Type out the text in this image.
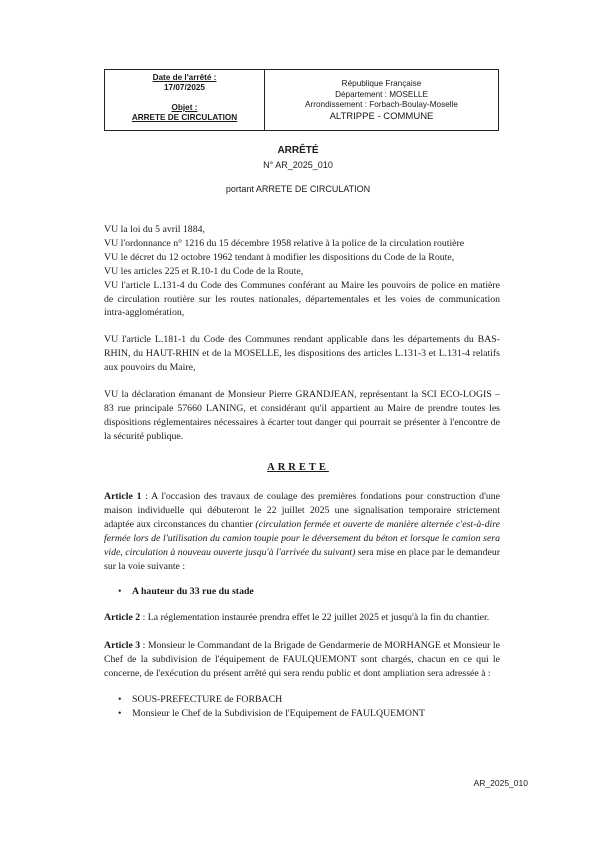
Date de l'arrêté :
17/07/2025
Objet :
ARRETE DE CIRCULATION
République Française
Département : MOSELLE
Arrondissement : Forbach-Boulay-Moselle
ALTRIPPE - COMMUNE
ARRÊTÉ
N° AR_2025_010
portant ARRETE DE CIRCULATION

VU la loi du 5 avril 1884,

VU l'ordonnance n° 1216 du 15 décembre 1958 relative à la police de la circulation routière

VU le décret du 12 octobre 1962 tendant à modifier les dispositions du Code de la Route,

VU les articles 225 et R.10-1 du Code de la Route,

VU l'article L.131-4 du Code des Communes conférant au Maire les pouvoirs de police en matière de circulation routière sur les routes nationales, départementales et les voies de communication intra-agglomération,

VU l'article L.181-1 du Code des Communes rendant applicable dans les départements du BAS-RHIN, du HAUT-RHIN et de la MOSELLE, les dispositions des articles L.131-3 et L.131-4 relatifs aux pouvoirs du Maire,

VU la déclaration émanant de Monsieur Pierre GRANDJEAN, représentant la SCI ECO-LOGIS – 83 rue principale 57660 LANING, et considérant qu'il appartient au Maire de prendre toutes les dispositions réglementaires nécessaires à écarter tout danger qui pourrait se présenter à l'encontre de la sécurité publique.

ARRETE

Article 1 : A l'occasion des travaux de coulage des premières fondations pour construction d'une maison individuelle qui débuteront le 22 juillet 2025 une signalisation temporaire strictement adaptée aux circonstances du chantier (circulation fermée et ouverte de manière alternée c'est-à-dire fermée lors de l'utilisation du camion toupie pour le déversement du béton et lorsque le camion sera vide, circulation à nouveau ouverte jusqu'à l'arrivée du suivant) sera mise en place par le demandeur sur la voie suivante :

•	A hauteur du 33 rue du stade

Article 2 : La réglementation instaurée prendra effet le 22 juillet 2025 et jusqu'à la fin du chantier.

Article 3 : Monsieur le Commandant de la Brigade de Gendarmerie de MORHANGE et Monsieur le Chef de la subdivision de l'équipement de FAULQUEMONT sont chargés, chacun en ce qui le concerne, de l'exécution du présent arrêté qui sera rendu public et dont ampliation sera adressée à :

•	SOUS-PREFECTURE de FORBACH
•	Monsieur le Chef de la Subdivision de l'Equipement de FAULQUEMONT
AR_2025_010
